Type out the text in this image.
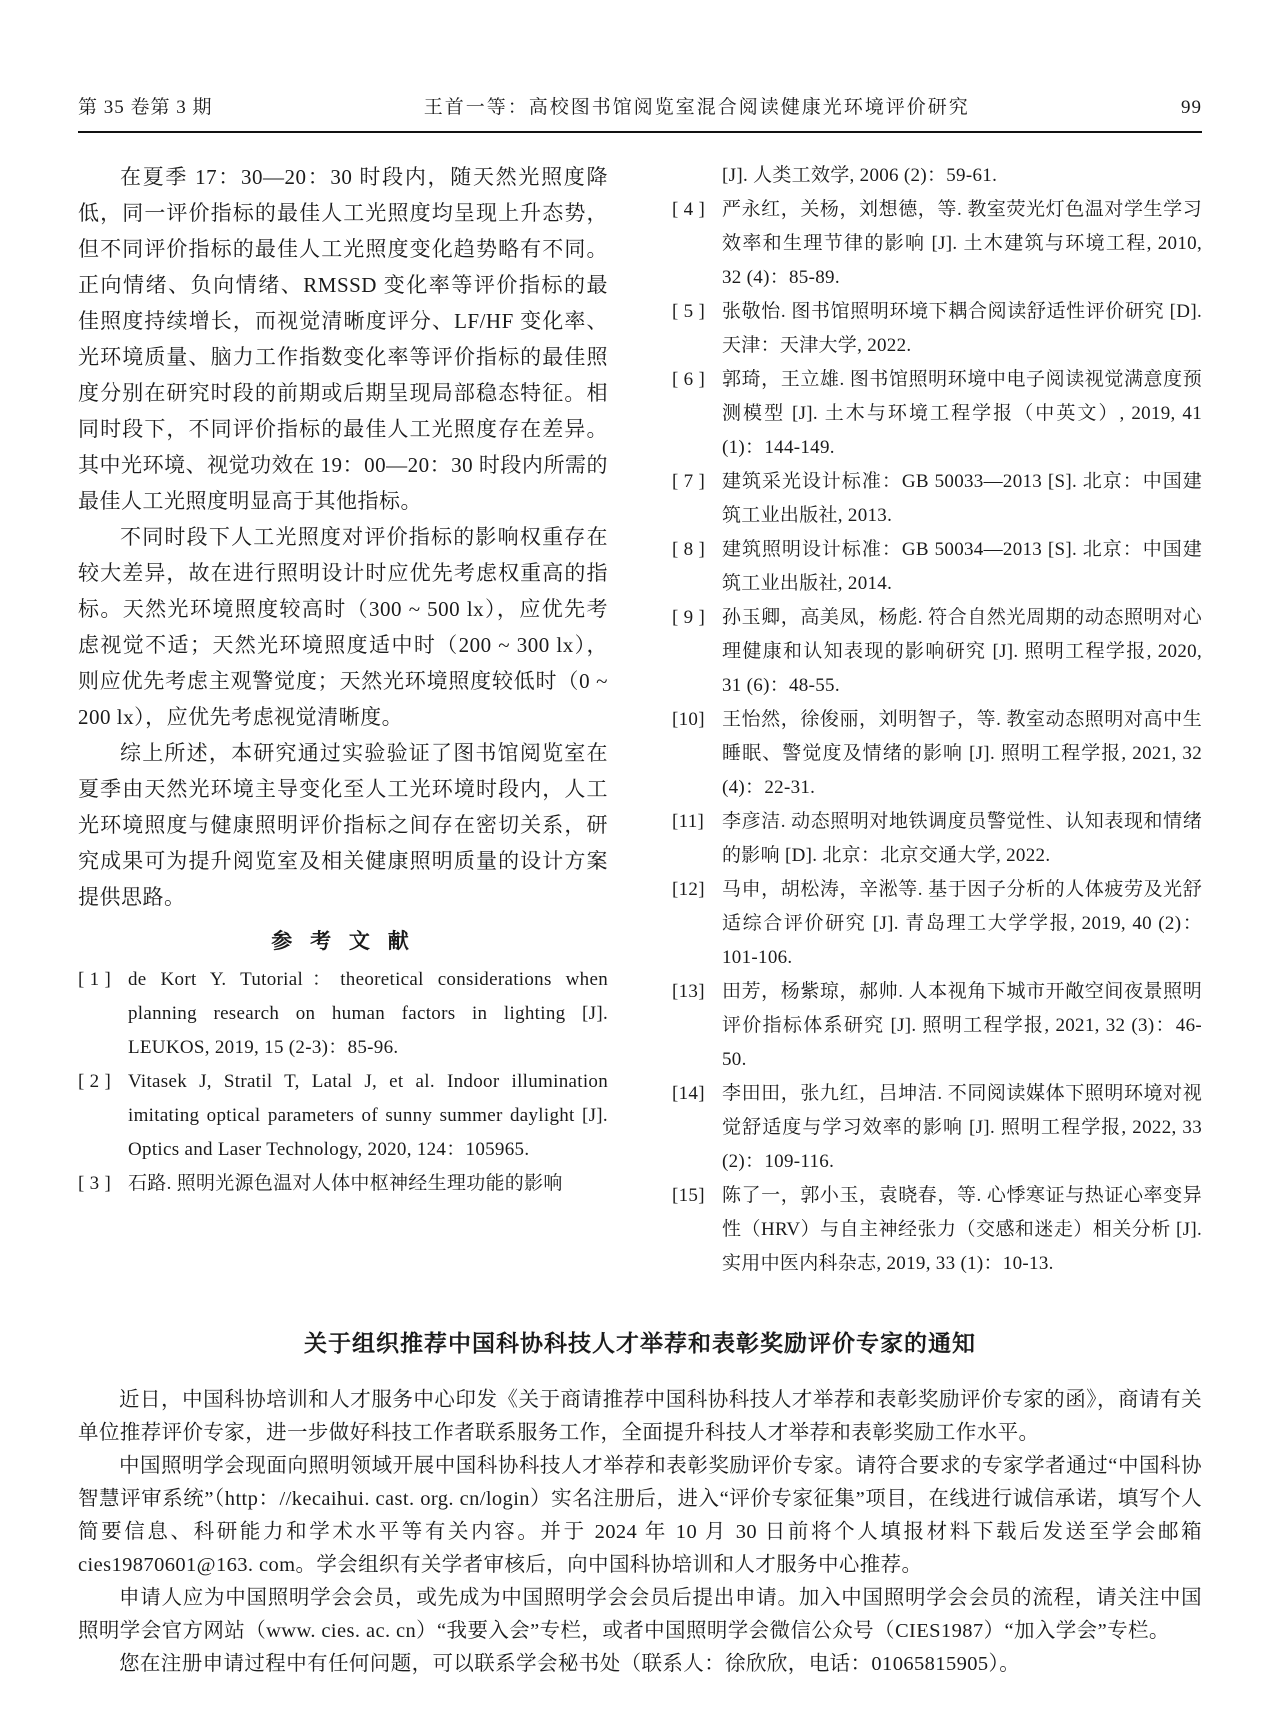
第 35 卷第 3 期	王首一等：高校图书馆阅览室混合阅读健康光环境评价研究	99

在夏季 17：30—20：30 时段内，随天然光照度降低，同一评价指标的最佳人工光照度均呈现上升态势，但不同评价指标的最佳人工光照度变化趋势略有不同。正向情绪、负向情绪、RMSSD 变化率等评价指标的最佳照度持续增长，而视觉清晰度评分、LF/HF 变化率、光环境质量、脑力工作指数变化率等评价指标的最佳照度分别在研究时段的前期或后期呈现局部稳态特征。相同时段下，不同评价指标的最佳人工光照度存在差异。其中光环境、视觉功效在 19：00—20：30 时段内所需的最佳人工光照度明显高于其他指标。

不同时段下人工光照度对评价指标的影响权重存在较大差异，故在进行照明设计时应优先考虑权重高的指标。天然光环境照度较高时（300 ~ 500 lx），应优先考虑视觉不适；天然光环境照度适中时（200 ~ 300 lx），则应优先考虑主观警觉度；天然光环境照度较低时（0 ~ 200 lx），应优先考虑视觉清晰度。

综上所述，本研究通过实验验证了图书馆阅览室在夏季由天然光环境主导变化至人工光环境时段内，人工光环境照度与健康照明评价指标之间存在密切关系，研究成果可为提升阅览室及相关健康照明质量的设计方案提供思路。

参 考 文 献
[ 1 ] de Kort Y. Tutorial：theoretical considerations when planning research on human factors in lighting [J]. LEUKOS, 2019, 15 (2-3)：85-96.
[ 2 ] Vitasek J, Stratil T, Latal J, et al. Indoor illumination imitating optical parameters of sunny summer daylight [J]. Optics and Laser Technology, 2020, 124：105965.
[ 3 ] 石路. 照明光源色温对人体中枢神经生理功能的影响
[J]. 人类工效学, 2006 (2)：59-61.
[ 4 ] 严永红，关杨，刘想德，等. 教室荧光灯色温对学生学习效率和生理节律的影响 [J]. 土木建筑与环境工程, 2010, 32 (4)：85-89.
[ 5 ] 张敬怡. 图书馆照明环境下耦合阅读舒适性评价研究 [D]. 天津：天津大学, 2022.
[ 6 ] 郭琦，王立雄. 图书馆照明环境中电子阅读视觉满意度预测模型 [J]. 土木与环境工程学报（中英文）, 2019, 41 (1)：144-149.
[ 7 ] 建筑采光设计标准：GB 50033—2013 [S]. 北京：中国建筑工业出版社, 2013.
[ 8 ] 建筑照明设计标准：GB 50034—2013 [S]. 北京：中国建筑工业出版社, 2014.
[ 9 ] 孙玉卿，高美凤，杨彪. 符合自然光周期的动态照明对心理健康和认知表现的影响研究 [J]. 照明工程学报, 2020, 31 (6)：48-55.
[10] 王怡然，徐俊丽，刘明智子，等. 教室动态照明对高中生睡眠、警觉度及情绪的影响 [J]. 照明工程学报, 2021, 32 (4)：22-31.
[11] 李彦洁. 动态照明对地铁调度员警觉性、认知表现和情绪的影响 [D]. 北京：北京交通大学, 2022.
[12] 马申，胡松涛，辛淞等. 基于因子分析的人体疲劳及光舒适综合评价研究 [J]. 青岛理工大学学报, 2019, 40 (2)：101-106.
[13] 田芳，杨紫琼，郝帅. 人本视角下城市开敞空间夜景照明评价指标体系研究 [J]. 照明工程学报, 2021, 32 (3)：46-50.
[14] 李田田，张九红，吕坤洁. 不同阅读媒体下照明环境对视觉舒适度与学习效率的影响 [J]. 照明工程学报, 2022, 33 (2)：109-116.
[15] 陈了一，郭小玉，袁晓春，等. 心悸寒证与热证心率变异性（HRV）与自主神经张力（交感和迷走）相关分析 [J]. 实用中医内科杂志, 2019, 33 (1)：10-13.
关于组织推荐中国科协科技人才举荐和表彰奖励评价专家的通知

近日，中国科协培训和人才服务中心印发《关于商请推荐中国科协科技人才举荐和表彰奖励评价专家的函》，商请有关单位推荐评价专家，进一步做好科技工作者联系服务工作，全面提升科技人才举荐和表彰奖励工作水平。

中国照明学会现面向照明领域开展中国科协科技人才举荐和表彰奖励评价专家。请符合要求的专家学者通过“中国科协智慧评审系统”（http：//kecaihui. cast. org. cn/login）实名注册后，进入“评价专家征集”项目，在线进行诚信承诺，填写个人简要信息、科研能力和学术水平等有关内容。并于 2024 年 10 月 30 日前将个人填报材料下载后发送至学会邮箱 cies19870601@163. com。学会组织有关学者审核后，向中国科协培训和人才服务中心推荐。

申请人应为中国照明学会会员，或先成为中国照明学会会员后提出申请。加入中国照明学会会员的流程，请关注中国照明学会官方网站（www. cies. ac. cn）“我要入会”专栏，或者中国照明学会微信公众号（CIES1987）“加入学会”专栏。

您在注册申请过程中有任何问题，可以联系学会秘书处（联系人：徐欣欣，电话：01065815905）。
